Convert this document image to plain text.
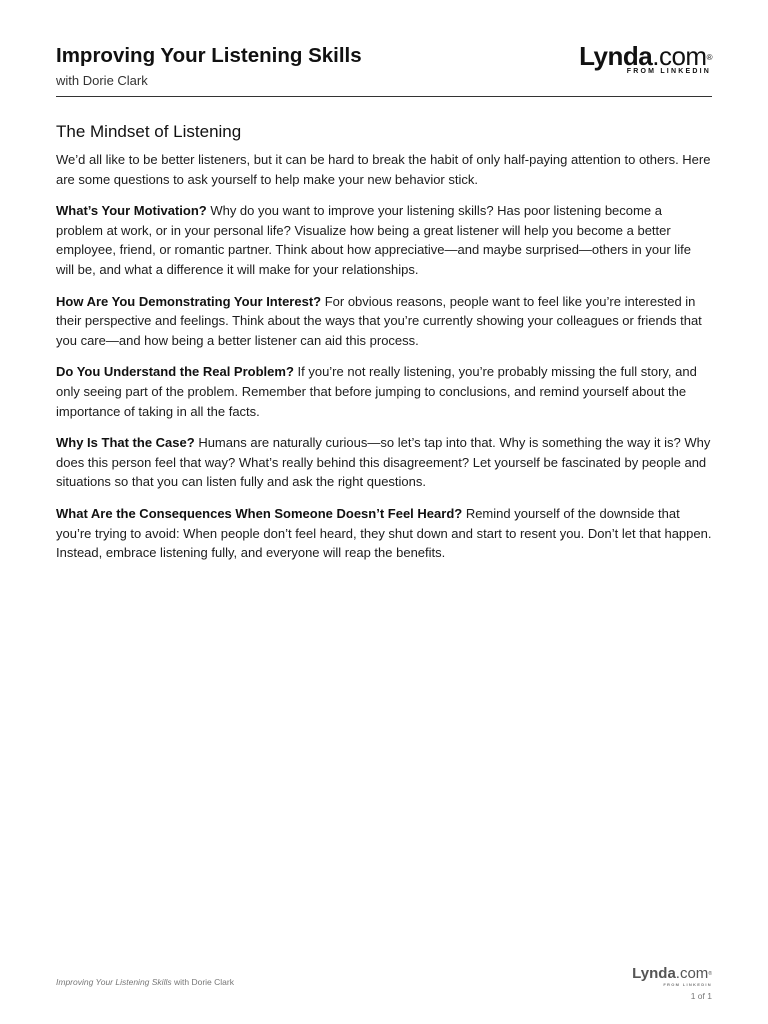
Improving Your Listening Skills
with Dorie Clark
Lynda.com®
FROM LINKEDIN
The Mindset of Listening

We’d all like to be better listeners, but it can be hard to break the habit of only half-paying attention to others. Here are some questions to ask yourself to help make your new behavior stick.

What’s Your Motivation? Why do you want to improve your listening skills? Has poor listening become a problem at work, or in your personal life? Visualize how being a great listener will help you become a better employee, friend, or romantic partner. Think about how appreciative—and maybe surprised—others in your life will be, and what a difference it will make for your relationships.

How Are You Demonstrating Your Interest? For obvious reasons, people want to feel like you’re interested in their perspective and feelings. Think about the ways that you’re currently showing your colleagues or friends that you care—and how being a better listener can aid this process.

Do You Understand the Real Problem? If you’re not really listening, you’re probably missing the full story, and only seeing part of the problem. Remember that before jumping to conclusions, and remind yourself about the importance of taking in all the facts.

Why Is That the Case? Humans are naturally curious—so let’s tap into that. Why is something the way it is? Why does this person feel that way? What’s really behind this disagreement? Let yourself be fascinated by people and situations so that you can listen fully and ask the right questions.

What Are the Consequences When Someone Doesn’t Feel Heard? Remind yourself of the downside that you’re trying to avoid: When people don’t feel heard, they shut down and start to resent you. Don’t let that happen. Instead, embrace listening fully, and everyone will reap the benefits.

Improving Your Listening Skills with Dorie Clark	Lynda.com®
FROM LINKEDIN
1 of 1
